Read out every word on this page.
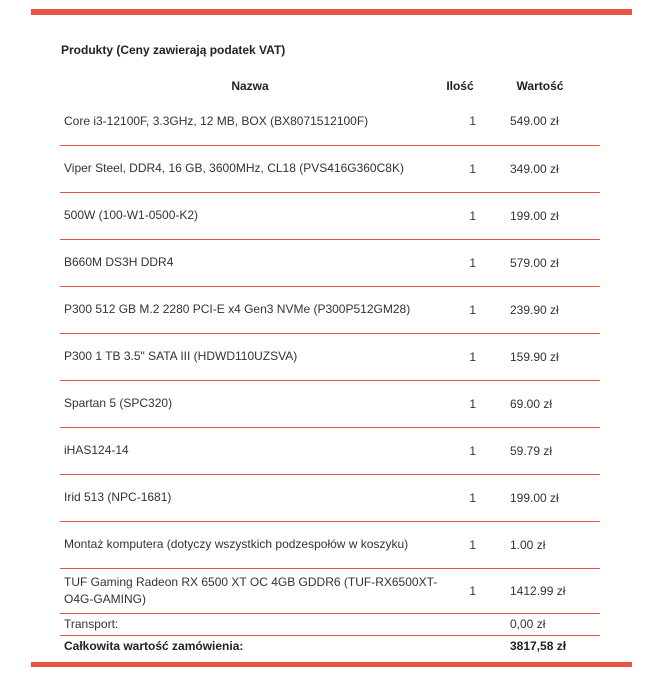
Produkty (Ceny zawierają podatek VAT)
Nazwa	Ilość	Wartość
Core i3-12100F, 3.3GHz, 12 MB, BOX (BX8071512100F)	1	549.00 zł
Viper Steel, DDR4, 16 GB, 3600MHz, CL18 (PVS416G360C8K)	1	349.00 zł
500W (100-W1-0500-K2)	1	199.00 zł
B660M DS3H DDR4	1	579.00 zł
P300 512 GB M.2 2280 PCI-E x4 Gen3 NVMe (P300P512GM28)	1	239.90 zł
P300 1 TB 3.5" SATA III (HDWD110UZSVA)	1	159.90 zł
Spartan 5 (SPC320)	1	69.00 zł
iHAS124-14	1	59.79 zł
Irid 513 (NPC-1681)	1	199.00 zł
Montaż komputera (dotyczy wszystkich podzespołów w koszyku)	1	1.00 zł
TUF Gaming Radeon RX 6500 XT OC 4GB GDDR6 (TUF-RX6500XT-O4G-GAMING)	1	1412.99 zł
Transport:		0,00 zł
Całkowita wartość zamówienia:		3817,58 zł
